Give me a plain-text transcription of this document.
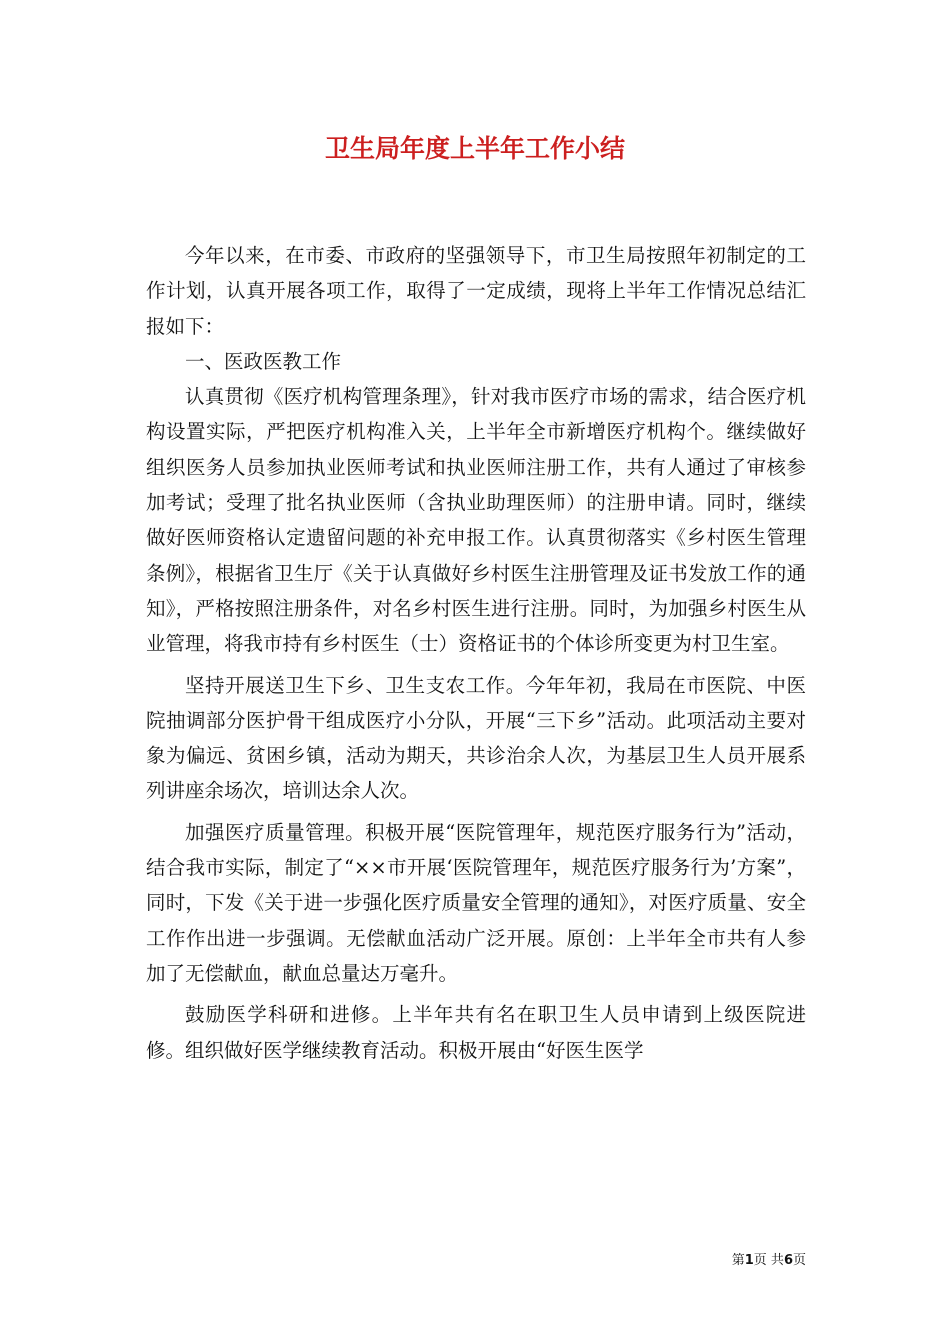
卫生局年度上半年工作小结

今年以来，在市委、市政府的坚强领导下，市卫生局按照年初制定的工作计划，认真开展各项工作，取得了一定成绩，现将上半年工作情况总结汇报如下：

一、医政医教工作

认真贯彻《医疗机构管理条理》，针对我市医疗市场的需求，结合医疗机构设置实际，严把医疗机构准入关，上半年全市新增医疗机构个。继续做好组织医务人员参加执业医师考试和执业医师注册工作，共有人通过了审核参加考试；受理了批名执业医师（含执业助理医师）的注册申请。同时，继续做好医师资格认定遗留问题的补充申报工作。认真贯彻落实《乡村医生管理条例》，根据省卫生厅《关于认真做好乡村医生注册管理及证书发放工作的通知》，严格按照注册条件，对名乡村医生进行注册。同时，为加强乡村医生从业管理，将我市持有乡村医生（士）资格证书的个体诊所变更为村卫生室。

坚持开展送卫生下乡、卫生支农工作。今年年初，我局在市医院、中医院抽调部分医护骨干组成医疗小分队，开展“三下乡”活动。此项活动主要对象为偏远、贫困乡镇，活动为期天，共诊治余人次，为基层卫生人员开展系列讲座余场次，培训达余人次。

加强医疗质量管理。积极开展“医院管理年，规范医疗服务行为”活动，结合我市实际，制定了“××市开展‘医院管理年，规范医疗服务行为’方案”，同时，下发《关于进一步强化医疗质量安全管理的通知》，对医疗质量、安全工作作出进一步强调。无偿献血活动广泛开展。原创：上半年全市共有人参加了无偿献血，献血总量达万毫升。

鼓励医学科研和进修。上半年共有名在职卫生人员申请到上级医院进修。组织做好医学继续教育活动。积极开展由“好医生医学

第1页 共6页
